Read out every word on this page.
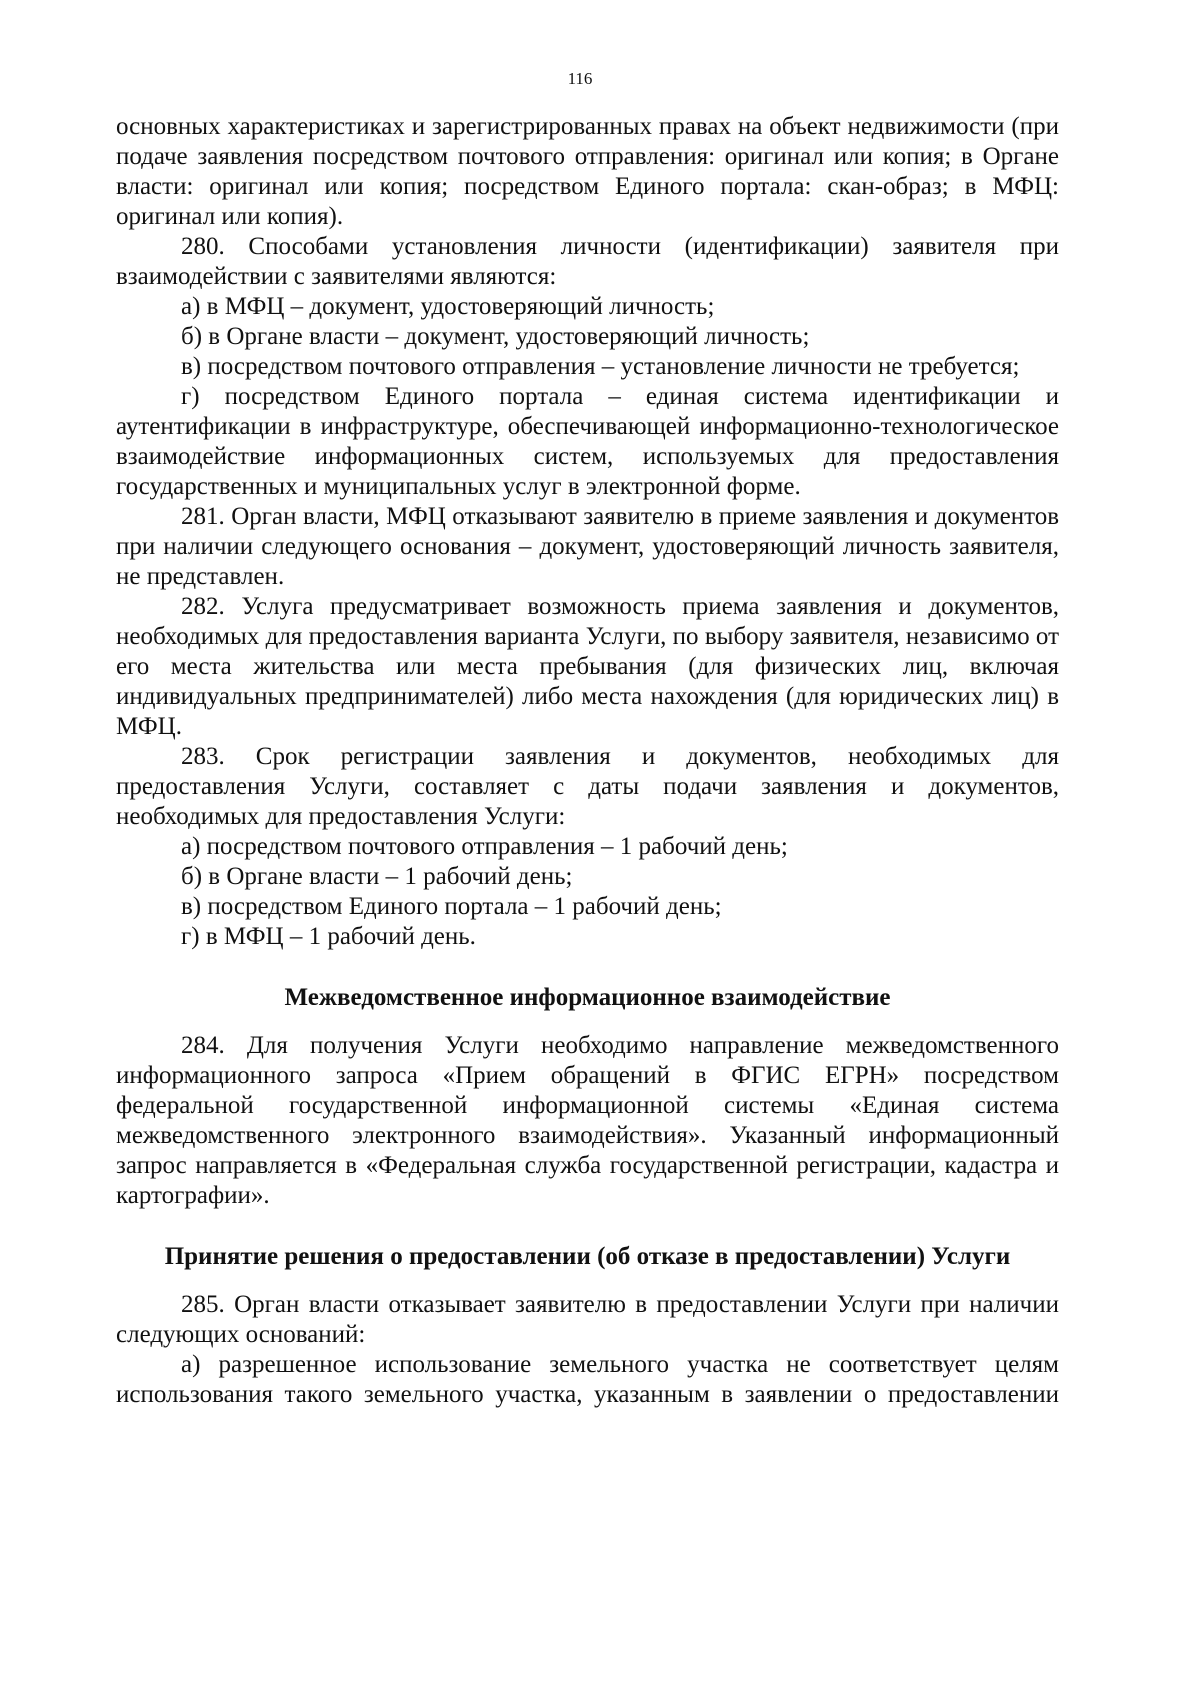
116

основных характеристиках и зарегистрированных правах на объект недвижимости (при подаче заявления посредством почтового отправления: оригинал или копия; в Органе власти: оригинал или копия; посредством Единого портала: скан-образ; в МФЦ: оригинал или копия).

280. Способами установления личности (идентификации) заявителя при взаимодействии с заявителями являются:

а) в МФЦ – документ, удостоверяющий личность;

б) в Органе власти – документ, удостоверяющий личность;

в) посредством почтового отправления – установление личности не требуется;

г) посредством Единого портала – единая система идентификации и аутентификации в инфраструктуре, обеспечивающей информационно-технологическое взаимодействие информационных систем, используемых для предоставления государственных и муниципальных услуг в электронной форме.

281. Орган власти, МФЦ отказывают заявителю в приеме заявления и документов при наличии следующего основания – документ, удостоверяющий личность заявителя, не представлен.

282. Услуга предусматривает возможность приема заявления и документов, необходимых для предоставления варианта Услуги, по выбору заявителя, независимо от его места жительства или места пребывания (для физических лиц, включая индивидуальных предпринимателей) либо места нахождения (для юридических лиц) в МФЦ.

283. Срок регистрации заявления и документов, необходимых для предоставления Услуги, составляет с даты подачи заявления и документов, необходимых для предоставления Услуги:

а) посредством почтового отправления – 1 рабочий день;

б) в Органе власти – 1 рабочий день;

в) посредством Единого портала – 1 рабочий день;

г) в МФЦ – 1 рабочий день.

Межведомственное информационное взаимодействие

284. Для получения Услуги необходимо направление межведомственного информационного запроса «Прием обращений в ФГИС ЕГРН» посредством федеральной государственной информационной системы «Единая система межведомственного электронного взаимодействия». Указанный информационный запрос направляется в «Федеральная служба государственной регистрации, кадастра и картографии».

Принятие решения о предоставлении (об отказе в предоставлении) Услуги

285. Орган власти отказывает заявителю в предоставлении Услуги при наличии следующих оснований:

а) разрешенное использование земельного участка не соответствует целям использования такого земельного участка, указанным в заявлении о предоставлении
